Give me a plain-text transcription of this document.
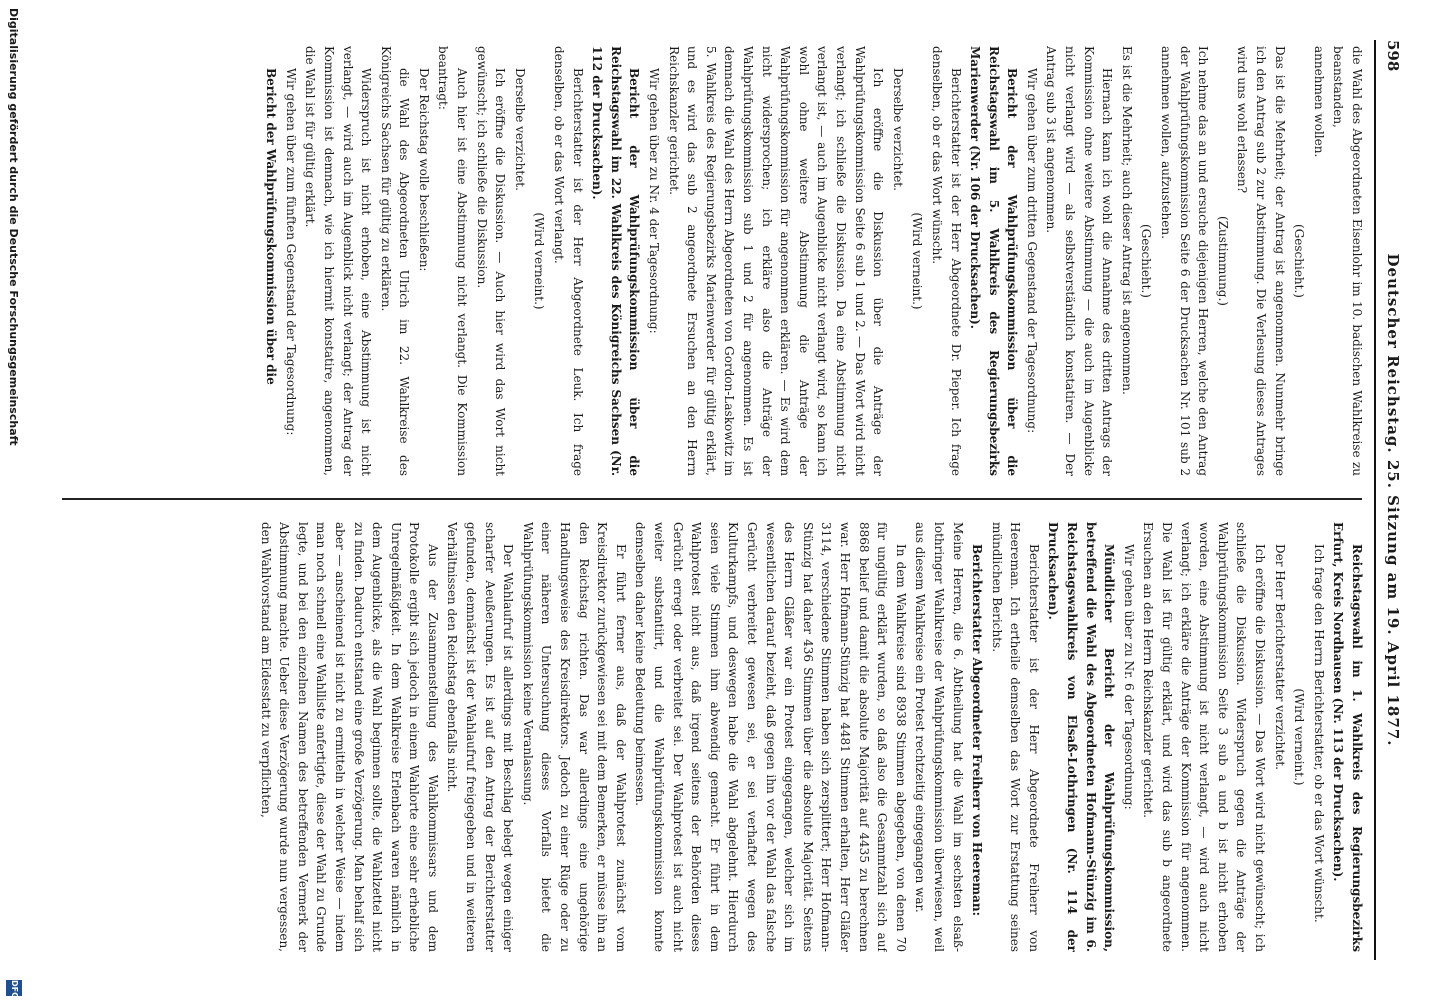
598
Deutscher Reichstag. 25. Sitzung am 19. April 1877.

die Wahl des Abgeordneten Eisenlohr im 10. badischen Wahlkreise zu beanstanden,

annehmen wollen.

(Geschieht.)

Das ist die Mehrheit; der Antrag ist angenommen. Nunmehr bringe ich den Antrag sub 2 zur Abstimmung. Die Verlesung dieses Antrages wird uns wohl erlassen?

(Zustimmung.)

Ich nehme das an und ersuche diejenigen Herren, welche den Antrag der Wahlprüfungskommission Seite 6 der Drucksachen Nr. 101 sub 2 annehmen wollen, aufzustehen.

(Geschieht.)

Es ist die Mehrheit; auch dieser Antrag ist angenommen.

Hiernach kann ich wohl die Annahme des dritten Antrags der Kommission ohne weitere Abstimmung — die auch im Augenblicke nicht verlangt wird — als selbstverständlich konstatiren. — Der Antrag sub 3 ist angenommen.

Wir gehen über zum dritten Gegenstand der Tagesordnung:

Bericht der Wahlprüfungskommission über die Reichstagswahl im 5. Wahlkreis des Regierungsbezirks Marienwerder (Nr. 106 der Drucksachen).

Berichterstatter ist der Herr Abgeordnete Dr. Pieper. Ich frage denselben, ob er das Wort wünscht.

(Wird verneint.)

Derselbe verzichtet.

Ich eröffne die Diskussion über die Anträge der Wahlprüfungskommission Seite 6 sub 1 und 2. — Das Wort wird nicht verlangt; ich schließe die Diskussion. Da eine Abstimmung nicht verlangt ist, — auch im Augenblicke nicht verlangt wird, so kann ich wohl ohne weitere Abstimmung die Anträge der Wahlprüfungskommission für angenommen erklären. — Es wird dem nicht widersprochen; ich erkläre also die Anträge der Wahlprüfungskommission sub 1 und 2 für angenommen. Es ist demnach die Wahl des Herrn Abgeordneten von Gordon-Laskowitz im 5. Wahlkreis des Regierungsbezirks Marienwerder für gültig erklärt, und es wird das sub 2 angeordnete Ersuchen an den Herrn Reichskanzler gerichtet.

Wir gehen über zu Nr. 4 der Tagesordnung:

Bericht der Wahlprüfungskommission über die Reichstagswahl im 22. Wahlkreis des Königreichs Sachsen (Nr. 112 der Drucksachen).

Berichterstatter ist der Herr Abgeordnete Leuk. Ich frage denselben, ob er das Wort verlangt.

(Wird verneint.)

Derselbe verzichtet.

Ich eröffne die Diskussion. — Auch hier wird das Wort nicht gewünscht; ich schließe die Diskussion.

Auch hier ist eine Abstimmung nicht verlangt. Die Kommission beantragt:

Der Reichstag wolle beschließen:

die Wahl des Abgeordneten Ulrich im 22. Wahlkreise des Königreichs Sachsen für gültig zu erklären.

Widerspruch ist nicht erhoben, eine Abstimmung ist nicht verlangt, — wird auch im Augenblick nicht verlangt; der Antrag der Kommission ist demnach, wie ich hiermit konstatire, angenommen, die Wahl ist für gültig erklärt.

Wir gehen über zum fünften Gegenstand der Tagesordnung:

Bericht der Wahlprüfungskommission über die

Reichstagswahl im 1. Wahlkreis des Regierungsbezirks Erfurt, Kreis Nordhausen (Nr. 113 der Drucksachen).

Ich frage den Herrn Berichterstatter, ob er das Wort wünscht.

(Wird verneint.)

Der Herr Berichterstatter verzichtet.

Ich eröffne die Diskussion. — Das Wort wird nicht gewünscht; ich schließe die Diskussion. Widerspruch gegen die Anträge der Wahlprüfungskommission Seite 3 sub a und b ist nicht erhoben worden, eine Abstimmung ist nicht verlangt, — wird auch nicht verlangt; ich erkläre die Anträge der Kommission für angenommen. Die Wahl ist für gültig erklärt, und wird das sub b angeordnete Ersuchen an den Herrn Reichskanzler gerichtet.

Wir gehen über zu Nr. 6 der Tagesordnung:

Mündlicher Bericht der Wahlprüfungskommission, betreffend die Wahl des Abgeordneten Hofmann-Stünzig im 6. Reichstagswahlkreis von Elsaß-Lothringen (Nr. 114 der Drucksachen).

Berichterstatter ist der Herr Abgeordnete Freiherr von Heereman. Ich ertheile demselben das Wort zur Erstattung seines mündlichen Berichts.

Berichterstatter Abgeordneter Freiherr von Heereman:

Meine Herren, die 6. Abtheilung hat die Wahl im sechsten elsaß-lothringer Wahlkreise der Wahlprüfungskommission überwiesen, weil aus diesem Wahlkreise ein Protest rechtzeitig eingegangen war.

In dem Wahlkreise sind 8938 Stimmen abgegeben, von denen 70 für ungültig erklärt wurden, so daß also die Gesammtzahl sich auf 8868 belief und damit die absolute Majorität auf 4435 zu berechnen war. Herr Hofmann-Stünzig hat 4481 Stimmen erhalten, Herr Gläßer 3114, verschiedene Stimmen haben sich zersplittert; Herr Hofmann-Stünzig hat daher 436 Stimmen über die absolute Majorität. Seitens des Herrn Gläßer war ein Protest eingegangen, welcher sich im wesentlichen darauf bezieht, daß gegen ihn vor der Wahl das falsche Gerücht verbreitet gewesen sei, er sei verhaftet wegen des Kulturkampfs, und deswegen habe die Wahl abgelehnt. Hierdurch seien viele Stimmen ihm abwendig gemacht. Er führt in dem Wahlprotest nicht aus, daß irgend seitens der Behörden dieses Gerücht erregt oder verbreitet sei. Der Wahlprotest ist auch nicht weiter substantiirt, und die Wahlprüfungskommission konnte demselben daher keine Bedeutung beimessen.

Er führt ferner aus, daß der Wahlprotest zunächst vom Kreisdirektor zurückgewiesen sei mit dem Bemerken, er müsse ihn an den Reichstag richten. Das war allerdings eine ungehörige Handlungsweise des Kreisdirektors. Jedoch zu einer Rüge oder zu einer näheren Untersuchung dieses Vorfalls bietet die Wahlprüfungskommission keine Veranlassung.

Der Wahlaufruf ist allerdings mit Beschlag belegt wegen einiger scharfer Aeußerungen. Es ist auf den Antrag der Berichterstatter gefunden, demnächst ist der Wahlaufruf freigegeben und in weiteren Verhältnissen den Reichstag ebenfalls nicht.

Aus der Zusammenstellung des Wahlkommissars und dem Protokolle ergibt sich jedoch in einem Wahlorte eine sehr erhebliche Unregelmäßigkeit. In dem Wahlkreise Erlenbach waren nämlich in dem Augenblicke, als die Wahl beginnen sollte, die Wahlzettel nicht zu finden. Dadurch entstand eine große Verzögerung. Man behalf sich aber — anscheinend ist nicht zu ermitteln in welcher Weise — indem man noch schnell eine Wahlliste anfertigte, diese der Wahl zu Grunde legte, und bei den einzelnen Namen des betreffenden Vermerk der Abstimmung machte. Ueber diese Verzögerung wurde nun vergessen, den Wahlvorstand am Eidesstatt zu verpflichten,

Digitalisierung gefördert durch die Deutsche Forschungsgemeinschaft
DFG
